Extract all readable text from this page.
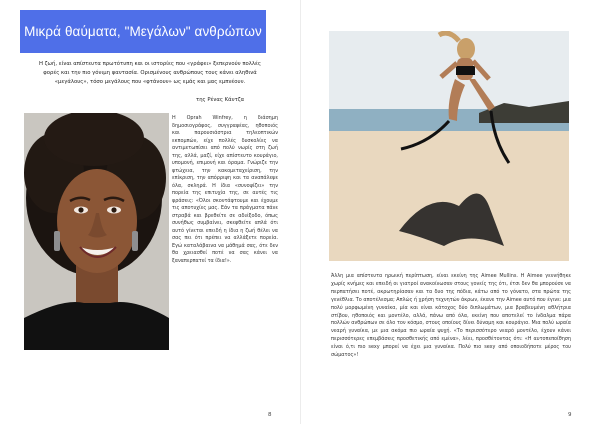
Μικρά θαύματα, "Μεγάλων" ανθρώπων
Η ζωή, είναι απίστευτα πρωτότυπη και οι ιστορίες που «γράφει» ξεπερνούν πολλές φορές και την πιο γόνιμη φαντασία. Ορισμένους ανθρώπους τους κάνει αληθινά «μεγάλους», τόσο μεγάλους που «φτάνουν» ως εμάς και μας εμπνέουν.
της Ρένας Κάντζα
Η Oprah Winfrey, η διάσημη δημοσιογράφος, συγγραφέας, ηθοποιός και παρουσιάστρια τηλεοπτικών εκπομπών, είχε πολλές δυσκολίες να αντιμετωπίσει από πολύ νωρίς στη ζωή της, αλλά, μαζί, είχε απίστευτο κουράγιο, υπομονή, επιμονή και όραμα. Γνώριζε την φτώχεια, την κακομεταχείριση, την επίκριση, την απόρριψη και τα αναπάλεψε όλα, σκληρά. Η ίδια «συνοψίζει» την πορεία της επιτυχία της, σε αυτές τις φράσεις: «Όλοι σκοντάφτουμε και έχουμε τις αποτυχίες μας. Εάν τα πράγματα πάνε στραβά και βρεθείτε σε αδιέξοδο, όπως συνήθως συμβαίνει, σκεφθείτε απλά ότι αυτό γίνεται επειδή η ίδια η ζωή θέλει να σας πει ότι πρέπει να αλλάξετε πορεία. Εγώ καταλάβαινα να μάθημά σας, ότε δεν θα χρειασθεί ποτέ να σας κάνει να ξαναπερπατεί τα ίδια!».
8
Άλλη μια απίστευτα ηρωική περίπτωση, είναι εκείνη της Aimee Mullins. Η Aimee γεννήθηκε χωρίς κνήμες και επειδή οι γιατροί ανακοίνωσαν στους γονείς της ότι, έτσι δεν θα μπορούσε να περπατήσει ποτέ, ακρωτηρίασαν και τα δυο της πόδια, κάτω από το γόνατο, στα πρώτα της γενέθλια. Το αποτέλεσμα; Απλώς ή χρήση τεχνητών άκρων, έκανε την Aimee αυτό που έγινε: μια πολύ μορφωμένη γυναίκα, μία και είναι κάτοχος δύο διπλωμάτων, μια βραβευμένη αθλήτρια στίβου, ηθοποιός και μοντέλο, αλλά, πάνω από όλα, εκείνη που αποτελεί το ίνδαλμα πάρα πολλών ανθρώπων σε όλο τον κόσμο, στους οποίους δίνει δύναμη και κουράγιο. Μια πολύ ωραία νεαρή γυναίκα, με μια ακόμα πιο ωραία ψυχή. «Το περισσότερο νεαρό μοντέλο, έχουν κάνει περισσότερες επεμβάσεις προσθετικής από εμένα», λέει, προσθέτοντας ότι: «Η αυτοπεποίθηση είναι ό,τι πιο sexy μπορεί να έχει μια γυναίκα. Πολύ πιο sexy από οποιοδήποτε μέρος του σώματος»!
9
